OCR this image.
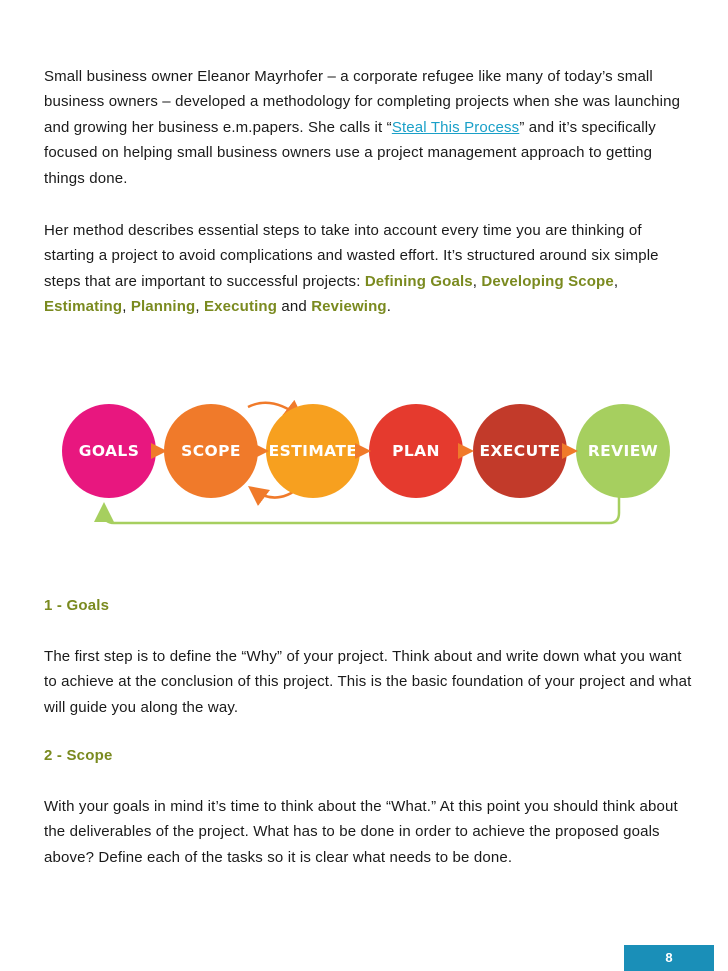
Small business owner Eleanor Mayrhofer – a corporate refugee like many of today’s small business owners – developed a methodology for completing projects when she was launching and growing her business e.m.papers. She calls it “Steal This Process” and it’s specifically focused on helping small business owners use a project management approach to getting things done.

Her method describes essential steps to take into account every time you are thinking of starting a project to avoid complications and wasted effort. It’s structured around six simple steps that are important to successful projects: Defining Goals, Developing Scope, Estimating, Planning, Executing and Reviewing.

GOALS	SCOPE ESTIMATE PLAN	EXECUTE REVIEW
1 - Goals

The first step is to define the “Why” of your project. Think about and write down what you want to achieve at the conclusion of this project. This is the basic foundation of your project and what will guide you along the way.

2 - Scope

With your goals in mind it’s time to think about the “What.” At this point you should think about the deliverables of the project. What has to be done in order to achieve the proposed goals above? Define each of the tasks so it is clear what needs to be done.

8
